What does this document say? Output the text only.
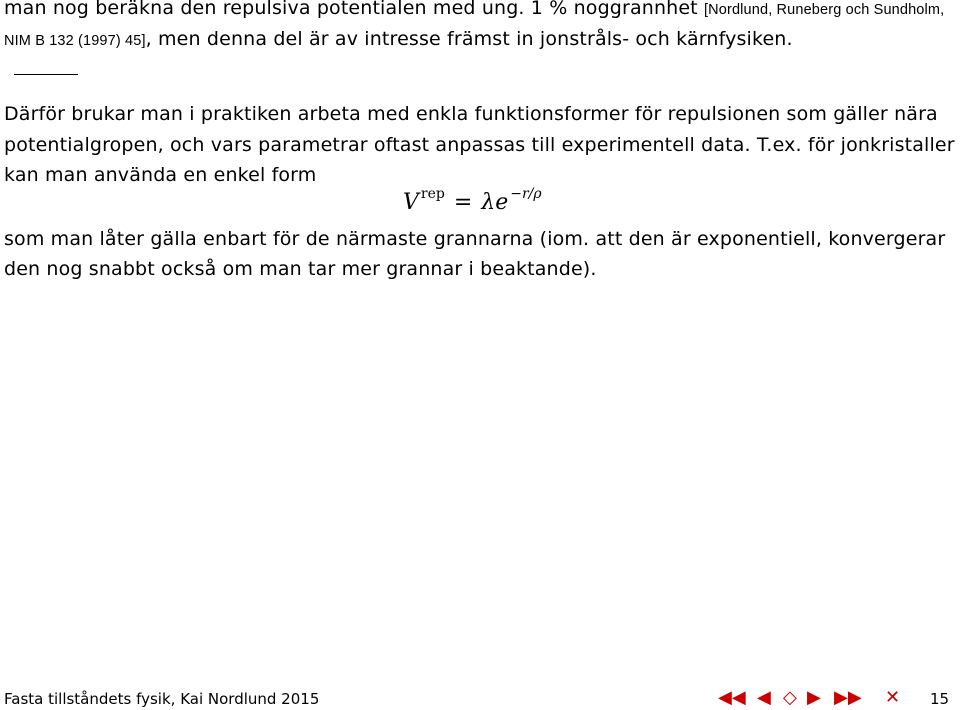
man nog beräkna den repulsiva potentialen med ung. 1 % noggrannhet [Nordlund, Runeberg och Sundholm,
NIM B 132 (1997) 45], men denna del är av intresse främst in jonstråls- och kärnfysiken.
Därför brukar man i praktiken arbeta med enkla funktionsformer för repulsionen som gäller nära
potentialgropen, och vars parametrar oftast anpassas till experimentell data. T.ex. för jonkristaller
kan man använda en enkel form
V $^{rep}$ = λe $^{-r/\rho}$
som man låter gälla enbart för de närmaste grannarna (iom. att den är exponentiell, konvergerar
den nog snabbt också om man tar mer grannar i beaktande).
Fasta tillståndets fysik, Kai Nordlund 2015	◀◀ ◀ ◇ ▶ ▶▶ ✕ 15
